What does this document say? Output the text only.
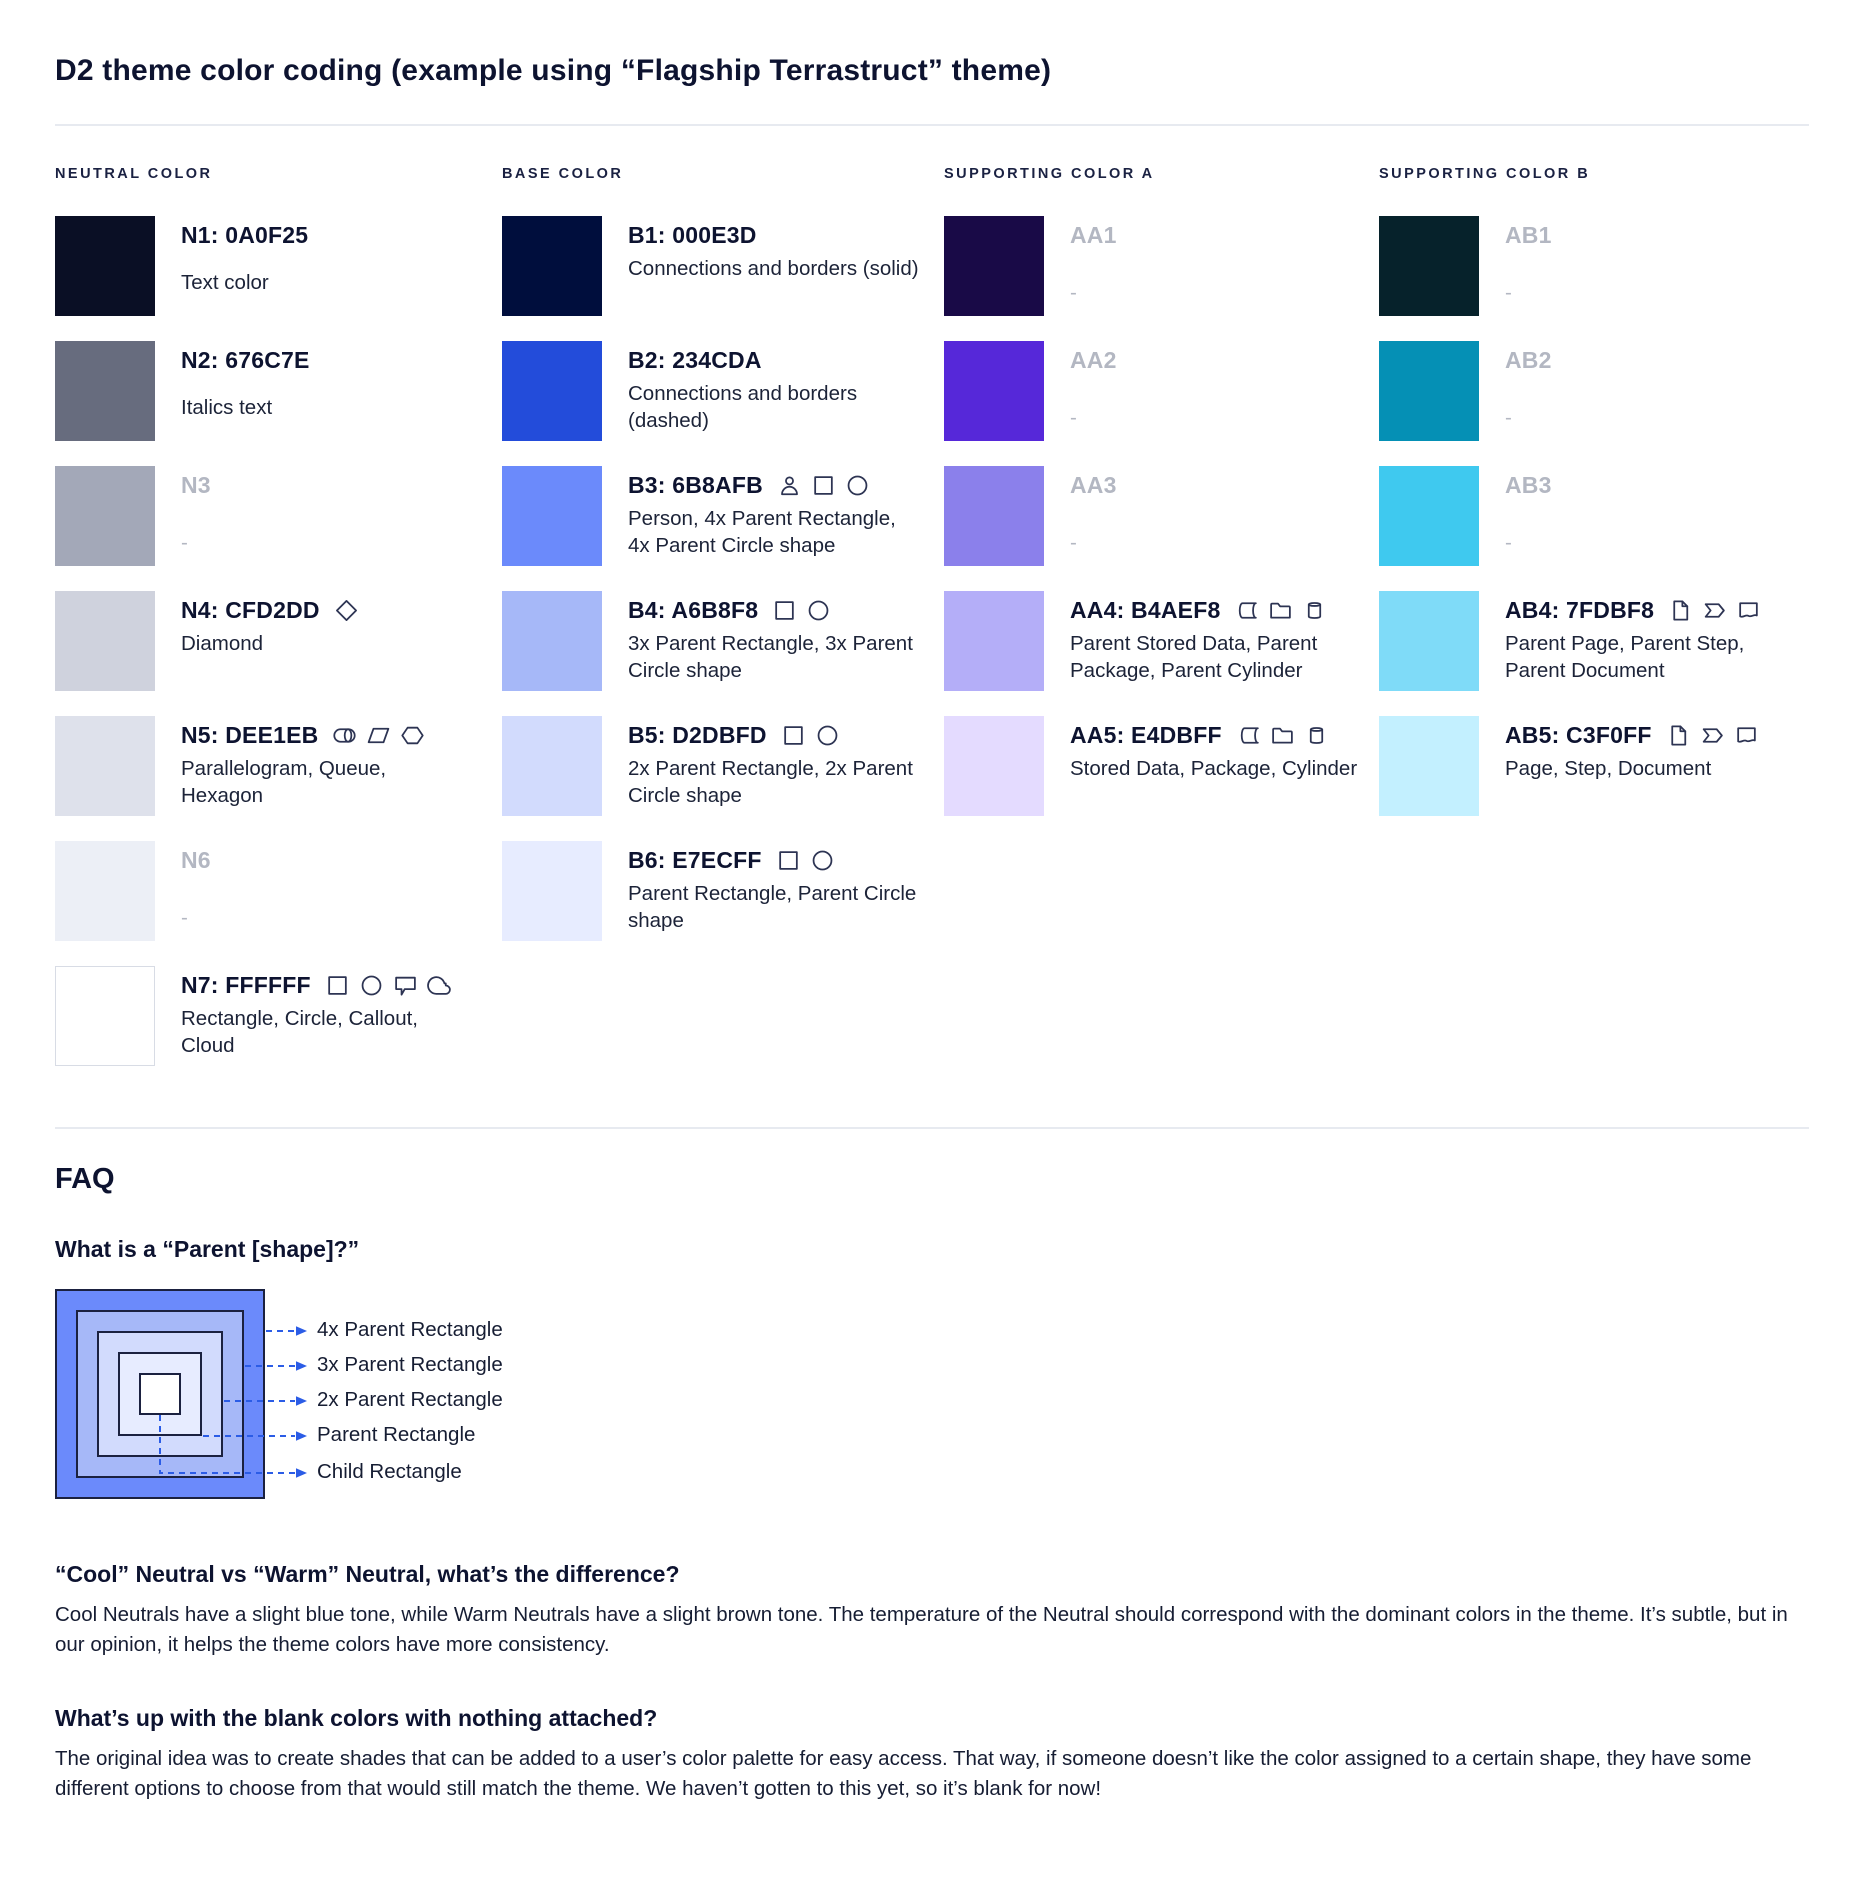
D2 theme color coding (example using “Flagship Terrastruct” theme)
NEUTRAL COLOR
N1: 0A0F25
Text color
N2: 676C7E
Italics text
N3
-
N4: CFD2DD
Diamond
N5: DEE1EB
Parallelogram, Queue, Hexagon
N6
-
N7: FFFFFF
Rectangle, Circle, Callout, Cloud
BASE COLOR
B1: 000E3D
Connections and borders (solid)
B2: 234CDA
Connections and borders (dashed)
B3: 6B8AFB
Person, 4x Parent Rectangle, 4x Parent Circle shape
B4: A6B8F8
3x Parent Rectangle, 3x Parent Circle shape
B5: D2DBFD
2x Parent Rectangle, 2x Parent Circle shape
B6: E7ECFF
Parent Rectangle, Parent Circle shape
SUPPORTING COLOR A
AA1
-
AA2
-
AA3
-
AA4: B4AEF8
Parent Stored Data, Parent Package, Parent Cylinder
AA5: E4DBFF
Stored Data, Package, Cylinder
SUPPORTING COLOR B
AB1
-
AB2
-
AB3
-
AB4: 7FDBF8
Parent Page, Parent Step, Parent Document
AB5: C3F0FF
Page, Step, Document
FAQ
What is a “Parent [shape]?”
4x Parent Rectangle
3x Parent Rectangle
2x Parent Rectangle
Parent Rectangle
Child Rectangle
“Cool” Neutral vs “Warm” Neutral, what’s the difference?

Cool Neutrals have a slight blue tone, while Warm Neutrals have a slight brown tone. The temperature of the Neutral should correspond with the dominant colors in the theme. It’s subtle, but in our opinion, it helps the theme colors have more consistency.

What’s up with the blank colors with nothing attached?

The original idea was to create shades that can be added to a user’s color palette for easy access. That way, if someone doesn’t like the color assigned to a certain shape, they have some different options to choose from that would still match the theme. We haven’t gotten to this yet, so it’s blank for now!
